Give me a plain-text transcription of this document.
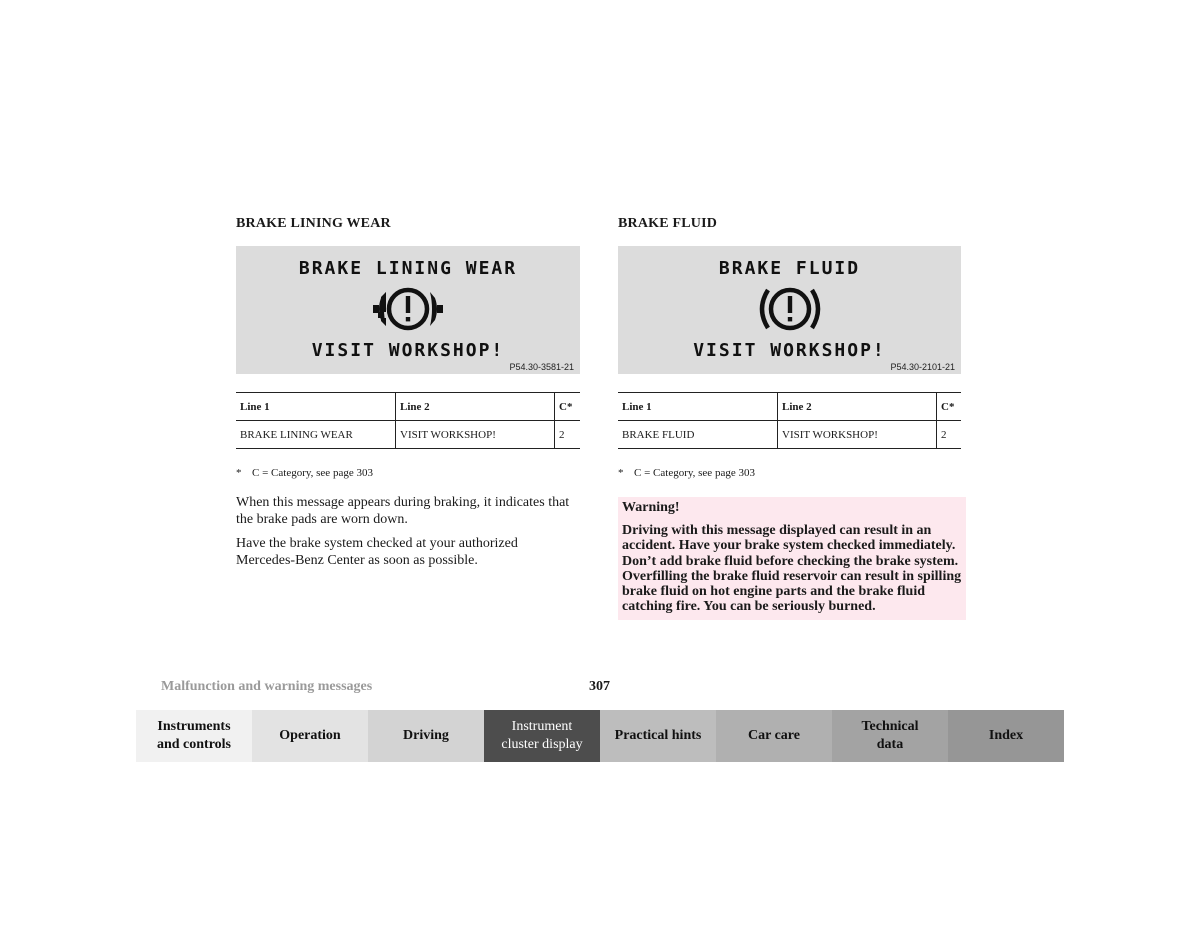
BRAKE LINING WEAR
BRAKE LINING WEAR
VISIT WORKSHOP!
P54.30-3581-21
Line 1	Line 2	C*
BRAKE LINING WEAR	VISIT WORKSHOP!	2
* C = Category, see page 303

When this message appears during braking, it indicates that the brake pads are worn down.

Have the brake system checked at your authorized Mercedes-Benz Center as soon as possible.

BRAKE FLUID
BRAKE FLUID
VISIT WORKSHOP!
P54.30-2101-21
Line 1	Line 2	C*
BRAKE FLUID	VISIT WORKSHOP!	2
* C = Category, see page 303
Warning!
Driving with this message displayed can result in an accident. Have your brake system checked immediately. Don’t add brake fluid before checking the brake system. Overfilling the brake fluid reservoir can result in spilling brake fluid on hot engine parts and the brake fluid catching fire. You can be seriously burned.
Malfunction and warning messages	307
Instruments
and controls
Operation	Driving
Instrument
cluster display
Practical hints	Car care
Technical
data
Index
